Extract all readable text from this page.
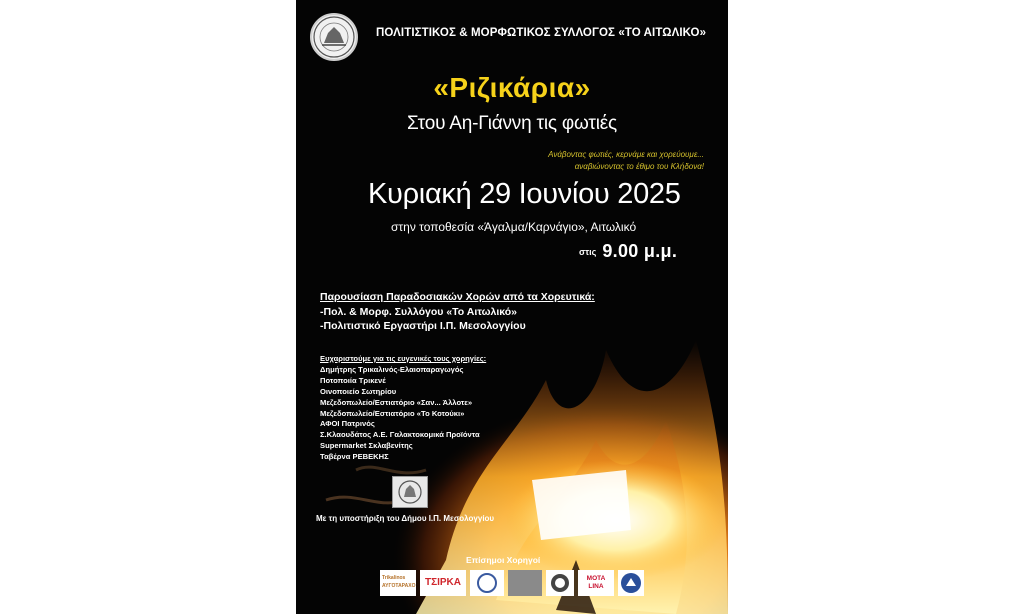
ΠΟΛΙΤΙΣΤΙΚΟΣ & ΜΟΡΦΩΤΙΚΟΣ ΣΥΛΛΟΓΟΣ «ΤΟ ΑΙΤΩΛΙΚΟ»
«Ριζικάρια»
Στου Αη-Γιάννη τις φωτιές
Ανάβοντας φωτιές, κερνάμε και χορεύουμε...
αναβιώνοντας το έθιμο του Κλήδονα!
Κυριακή 29 Ιουνίου 2025
στην τοποθεσία «Άγαλμα/Καρνάγιο», Αιτωλικό
στις 9.00 μ.μ.
Παρουσίαση Παραδοσιακών Χορών από τα Χορευτικά:
-Πολ. & Μορφ. Συλλόγου «Το Αιτωλικό»
-Πολιτιστικό Εργαστήρι Ι.Π. Μεσολογγίου
Ευχαριστούμε για τις ευγενικές τους χορηγίες:
Δημήτρης Τρικαλινός-Ελαιοπαραγωγός
Ποτοποιία Τρικενέ
Οινοποιείο Σωτηρίου
Μεζεδοπωλείο/Εστιατόριο «Σαν... Άλλοτε»
Μεζεδοπωλείο/Εστιατόριο «Το Κοτούκι»
ΑΦΟΙ Πατρινός
Σ.Κλαουδάτος Α.Ε. Γαλακτοκομικά Προϊόντα
Supermarket Σκλαβενίτης
Ταβέρνα ΡΕΒΕΚΗΣ
Με τη υποστήριξη του Δήμου Ι.Π. Μεσολογγίου
Επίσημοι Χορηγοί
Trikalinos ΑΥΓΟΤΑΡΑΧΟ ΤΣΙΡΚΑ	MOTA LINA
